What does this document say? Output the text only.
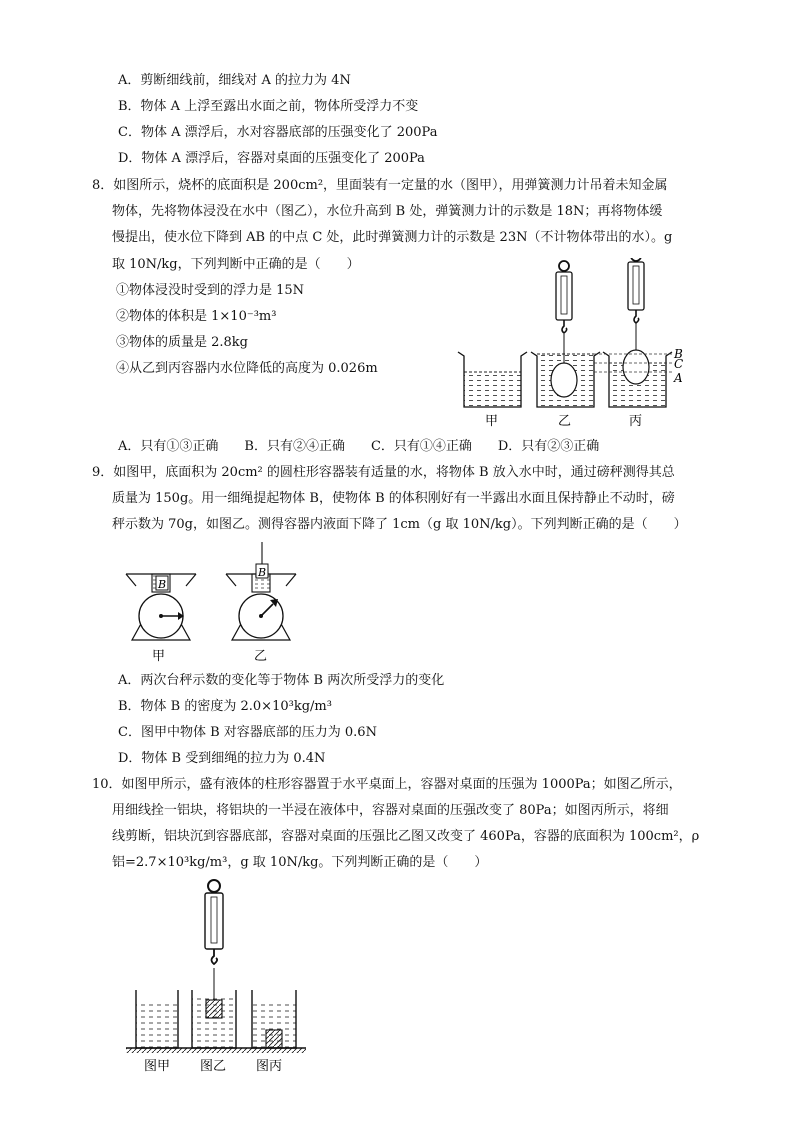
A．剪断细线前，细线对 A 的拉力为 4N
B．物体 A 上浮至露出水面之前，物体所受浮力不变
C．物体 A 漂浮后，水对容器底部的压强变化了 200Pa
D．物体 A 漂浮后，容器对桌面的压强变化了 200Pa
8．如图所示，烧杯的底面积是 200cm²，里面装有一定量的水（图甲），用弹簧测力计吊着未知金属
物体，先将物体浸没在水中（图乙），水位升高到 B 处，弹簧测力计的示数是 18N；再将物体缓
慢提出，使水位下降到 AB 的中点 C 处，此时弹簧测力计的示数是 23N（不计物体带出的水）。g
取 10N/kg，下列判断中正确的是（　　）
①物体浸没时受到的浮力是 15N
②物体的体积是 1×10⁻³m³
③物体的质量是 2.8kg
④从乙到丙容器内水位降低的高度为 0.026m
B
C
A
甲	乙	丙
A．只有①③正确　　B．只有②④正确　　C．只有①④正确　　D．只有②③正确
9．如图甲，底面积为 20cm² 的圆柱形容器装有适量的水，将物体 B 放入水中时，通过磅秤测得其总
质量为 150g。用一细绳提起物体 B，使物体 B 的体积刚好有一半露出水面且保持静止不动时，磅
秤示数为 70g，如图乙。测得容器内液面下降了 1cm（g 取 10N/kg）。下列判断正确的是（　　）
B
B
甲	乙
A．两次台秤示数的变化等于物体 B 两次所受浮力的变化
B．物体 B 的密度为 2.0×10³kg/m³
C．图甲中物体 B 对容器底部的压力为 0.6N
D．物体 B 受到细绳的拉力为 0.4N
10．如图甲所示，盛有液体的柱形容器置于水平桌面上，容器对桌面的压强为 1000Pa；如图乙所示，
用细线拴一铝块，将铝块的一半浸在液体中，容器对桌面的压强改变了 80Pa；如图丙所示，将细
线剪断，铝块沉到容器底部，容器对桌面的压强比乙图又改变了 460Pa，容器的底面积为 100cm²，ρ
铝=2.7×10³kg/m³，g 取 10N/kg。下列判断正确的是（　　）
图甲 图乙 图丙
